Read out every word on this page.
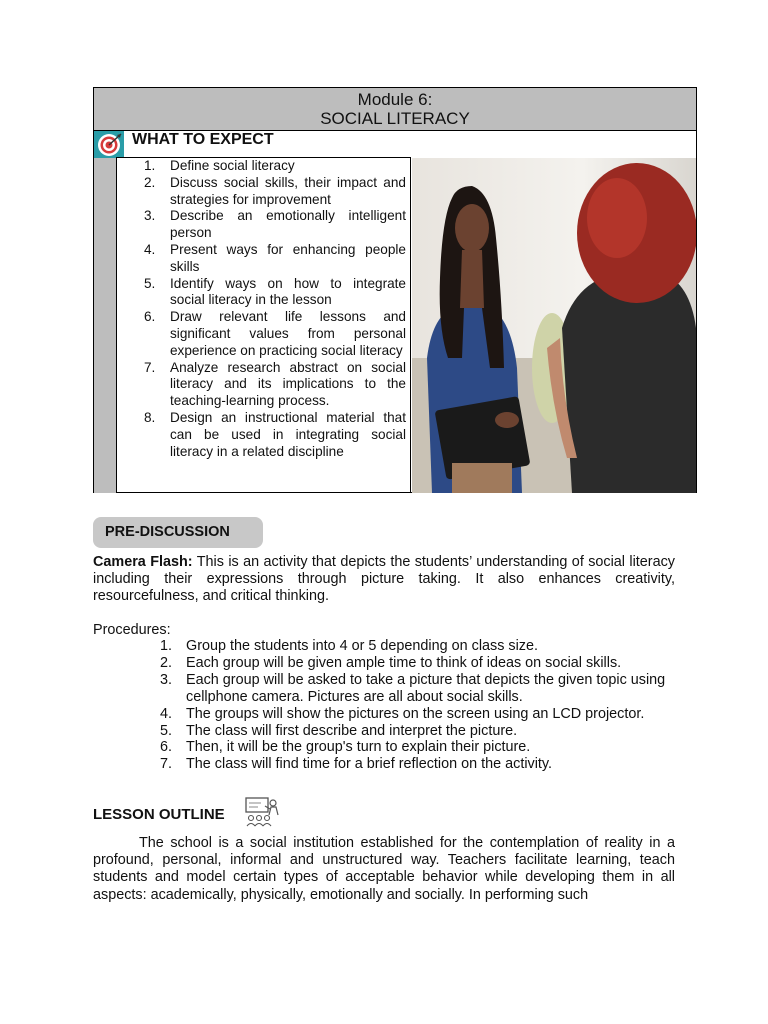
Module 6:
SOCIAL LITERACY
WHAT TO EXPECT
1. Define social literacy
2. Discuss social skills, their impact and strategies for improvement
3. Describe an emotionally intelligent person
4. Present ways for enhancing people skills
5. Identify ways on how to integrate social literacy in the lesson
6. Draw relevant life lessons and significant values from personal experience on practicing social literacy
7. Analyze research abstract on social literacy and its implications to the teaching-learning process.
8. Design an instructional material that can be used in integrating social literacy in a related discipline
PRE-DISCUSSION

Camera Flash: This is an activity that depicts the students’ understanding of social literacy including their expressions through picture taking. It also enhances creativity, resourcefulness, and critical thinking.

Procedures:
1. Group the students into 4 or 5 depending on class size.
2. Each group will be given ample time to think of ideas on social skills.
3. Each group will be asked to take a picture that depicts the given topic using cellphone camera. Pictures are all about social skills.
4. The groups will show the pictures on the screen using an LCD projector.
5. The class will first describe and interpret the picture.
6. Then, it will be the group's turn to explain their picture.
7. The class will find time for a brief reflection on the activity.
LESSON OUTLINE

The school is a social institution established for the contemplation of reality in a profound, personal, informal and unstructured way. Teachers facilitate learning, teach students and model certain types of acceptable behavior while developing them in all aspects: academically, physically, emotionally and socially. In performing such
